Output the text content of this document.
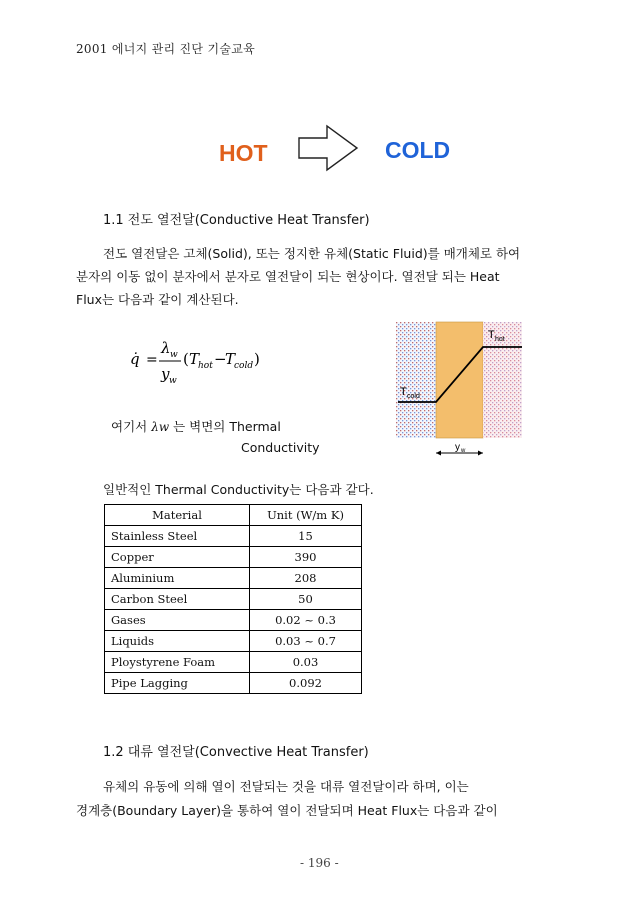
2001 에너지 관리 진단 기술교육
HOT	COLD
1.1 전도 열전달(Conductive Heat Transfer)
전도 열전달은 고체(Solid), 또는 정지한 유체(Static Fluid)를 매개체로 하여
분자의 이동 없이 분자에서 분자로 열전달이 되는 현상이다. 열전달 되는 Heat
Flux는 다음과 같이 계산된다.
q̇ =
λ w
y w
( T
hot −
T
cold )
여기서 λw 는 벽면의 Thermal
Conductivity
T hot
T cold
y w
일반적인 Thermal Conductivity는 다음과 같다.
Material	Unit (W/m K)
Stainless Steel	15
Copper	390
Aluminium	208
Carbon Steel	50
Gases	0.02 ~ 0.3
Liquids	0.03 ~ 0.7
Ploystyrene Foam	0.03
Pipe Lagging	0.092
1.2 대류 열전달(Convective Heat Transfer)
유체의 유동에 의해 열이 전달되는 것을 대류 열전달이라 하며, 이는
경계층(Boundary Layer)을 통하여 열이 전달되며 Heat Flux는 다음과 같이
- 196 -
